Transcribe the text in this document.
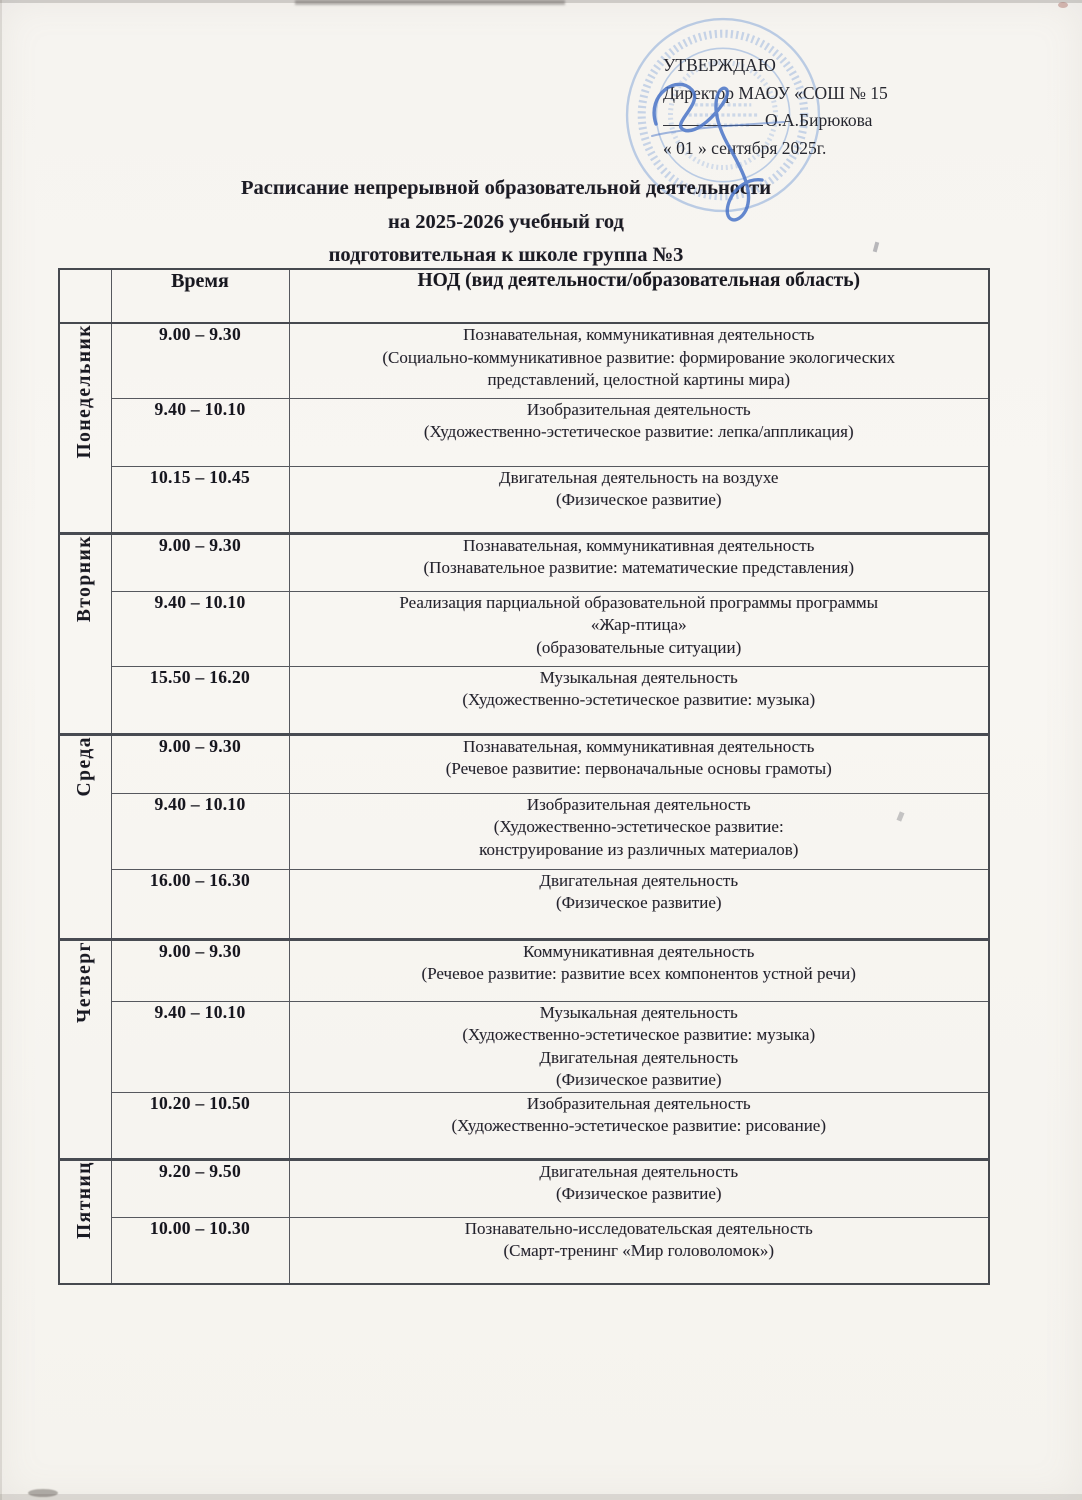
УТВЕРЖДАЮ
Директор МАОУ «СОШ № 15
О.А.Бирюкова
« 01 » сентября 2025г.
Расписание непрерывной образовательной деятельности
на 2025-2026 учебный год
подготовительная к школе группа №3
	Время	НОД (вид деятельности/образовательная область)
Понедельник	9.00 – 9.30	Познавательная, коммуникативная деятельность
(Социально-коммуникативное развитие: формирование экологических
представлений, целостной картины мира)

	9.40 – 10.10	Изобразительная деятельность
(Художественно-эстетическое развитие: лепка/аппликация)

	10.15 – 10.45	Двигательная деятельность на воздухе
(Физическое развитие)

Вторник	9.00 – 9.30	Познавательная, коммуникативная деятельность
(Познавательное развитие: математические представления)

	9.40 – 10.10	Реализация парциальной образовательной программы программы
«Жар-птица»
(образовательные ситуации)

	15.50 – 16.20	Музыкальная деятельность
(Художественно-эстетическое развитие: музыка)

Среда	9.00 – 9.30	Познавательная, коммуникативная деятельность
(Речевое развитие: первоначальные основы грамоты)

	9.40 – 10.10	Изобразительная деятельность
(Художественно-эстетическое развитие:
конструирование из различных материалов)

	16.00 – 16.30	Двигательная деятельность
(Физическое развитие)

Четверг	9.00 – 9.30	Коммуникативная деятельность
(Речевое развитие: развитие всех компонентов устной речи)

	9.40 – 10.10	Музыкальная деятельность
(Художественно-эстетическое развитие: музыка)
Двигательная деятельность
(Физическое развитие)

	10.20 – 10.50	Изобразительная деятельность
(Художественно-эстетическое развитие: рисование)

Пятниц	9.20 – 9.50	Двигательная деятельность
(Физическое развитие)

	10.00 – 10.30	Познавательно-исследовательская деятельность
(Смарт-тренинг «Мир головоломок»)
